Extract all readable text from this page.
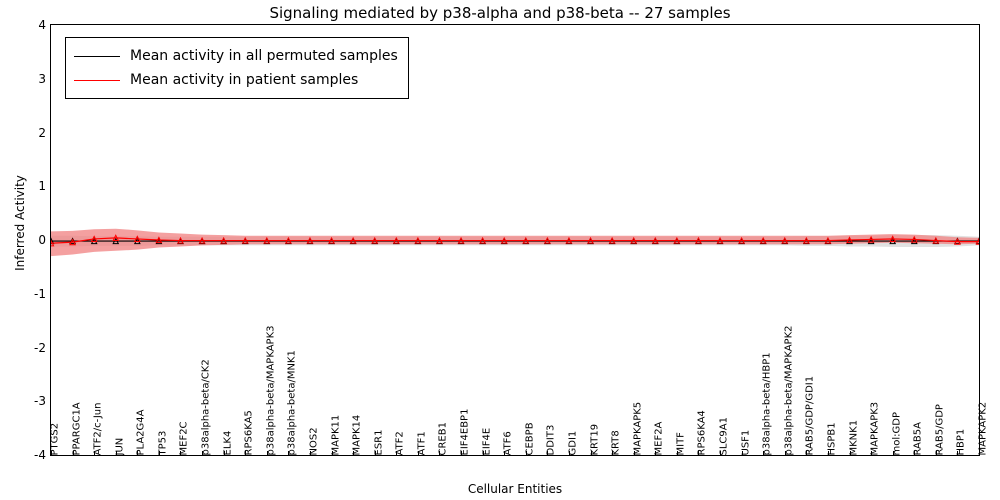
Signaling mediated by p38-alpha and p38-beta -- 27 samples
Inferred Activity
Cellular Entities
-4
-3
-2
-1
0
1
2
3
4
Mean activity in all permuted samples
Mean activity in patient samples
PTGS2 PPARGC1A ATF2/c-Jun JUN PLA2G4A TP53 MEF2C p38alpha-beta/CK2 ELK4 RPS6KA5 p38alpha-beta/MAPKAPK3 p38alpha-beta/MNK1 NOS2 MAPK11 MAPK14 ESR1 ATF2 ATF1 CREB1 EIF4EBP1 EIF4E ATF6 CEBPB DDIT3 GDI1 KRT19 KRT8 MAPKAPK5 MEF2A MITF RPS6KA4 SLC9A1 USF1 p38alpha-beta/HBP1 p38alpha-beta/MAPKAPK2 RAB5/GDP/GDI1 HSPB1 MKNK1 MAPKAPK3 mol:GDP RAB5A RAB5/GDP HBP1 MAPKAPK2
